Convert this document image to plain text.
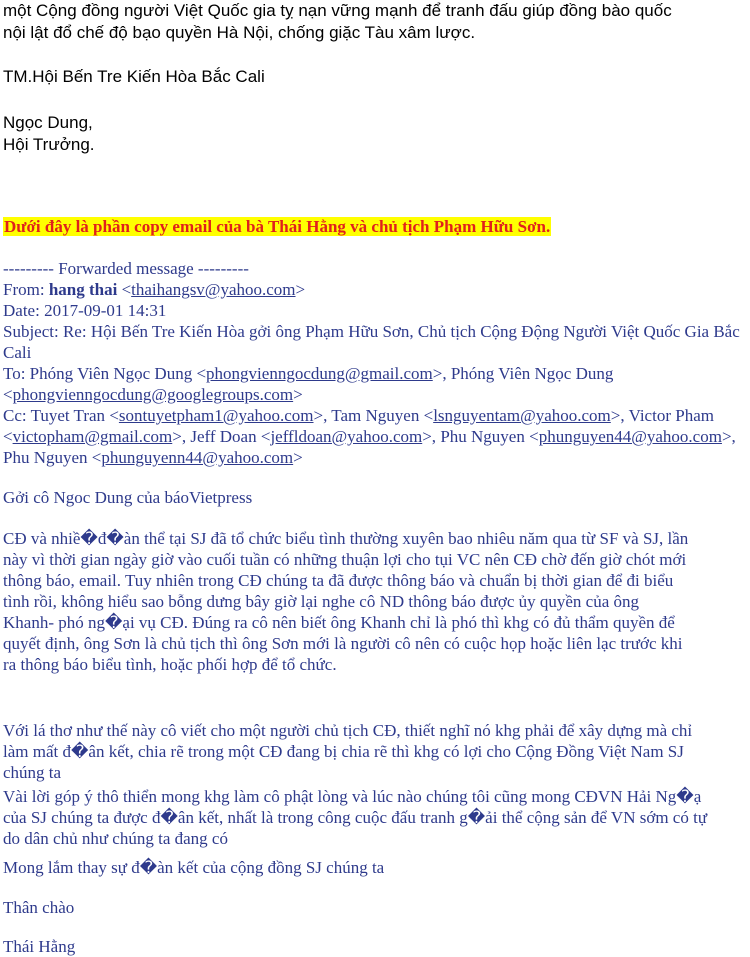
một Cộng đồng người Việt Quốc gia tỵ nạn vững mạnh để tranh đấu giúp đồng bào quốc
nội lật đổ chế độ bạo quyền Hà Nội, chống giặc Tàu xâm lược.
TM.Hội Bến Tre Kiến Hòa Bắc Cali
Ngọc Dung,
Hội Trưởng.
Dưới đây là phần copy email của bà Thái Hằng và chủ tịch Phạm Hữu Sơn.
--------- Forwarded message ---------
From: hang thai <thaihangsv@yahoo.com>
Date: 2017-09-01 14:31
Subject: Re: Hội Bến Tre Kiến Hòa gởi ông Phạm Hữu Sơn, Chủ tịch Cộng Động Người Việt Quốc Gia Bắc Cali
To: Phóng Viên Ngọc Dung <phongvienngocdung@gmail.com>, Phóng Viên Ngọc Dung <phongvienngocdung@googlegroups.com>
Cc: Tuyet Tran <sontuyetpham1@yahoo.com>, Tam Nguyen <lsnguyentam@yahoo.com>, Victor Pham <victopham@gmail.com>, Jeff Doan <jeffldoan@yahoo.com>, Phu Nguyen <phunguyen44@yahoo.com>, Phu Nguyen <phunguyenn44@yahoo.com>
Gởi cô Ngoc Dung của báoVietpress
CĐ và nhiề�đ�àn thể tại SJ đã tổ chức biểu tình thường xuyên bao nhiêu năm qua từ SF và SJ, lần
này vì thời gian ngày giờ vào cuối tuần có những thuận lợi cho tụi VC nên CĐ chờ đến giờ chót mới
thông báo, email. Tuy nhiên trong CĐ chúng ta đã được thông báo và chuẩn bị thời gian để đi biểu
tình rồi, không hiểu sao bỗng dưng bây giờ lại nghe cô ND thông báo được ủy quyền của ông
Khanh- phó ng�ại vụ CĐ. Đúng ra cô nên biết ông Khanh chỉ là phó thì khg có đủ thẩm quyền để
quyết định, ông Sơn là chủ tịch thì ông Sơn mới là người cô nên có cuộc họp hoặc liên lạc trước khi
ra thông báo biểu tình, hoặc phối hợp để tổ chức.
Với lá thơ như thế này cô viết cho một người chủ tịch CĐ, thiết nghĩ nó khg phải để xây dựng mà chỉ
làm mất đ�ân kết, chia rẽ trong một CĐ đang bị chia rẽ thì khg có lợi cho Cộng Đồng Việt Nam SJ
chúng ta
Vài lời góp ý thô thiển mong khg làm cô phật lòng và lúc nào chúng tôi cũng mong CĐVN Hải Ng�ạ
của SJ chúng ta được đ�ân kết, nhất là trong công cuộc đấu tranh g�ải thể cộng sản để VN sớm có tự
do dân chủ như chúng ta đang có
Mong lắm thay sự đ�àn kết của cộng đồng SJ chúng ta
Thân chào
Thái Hằng
